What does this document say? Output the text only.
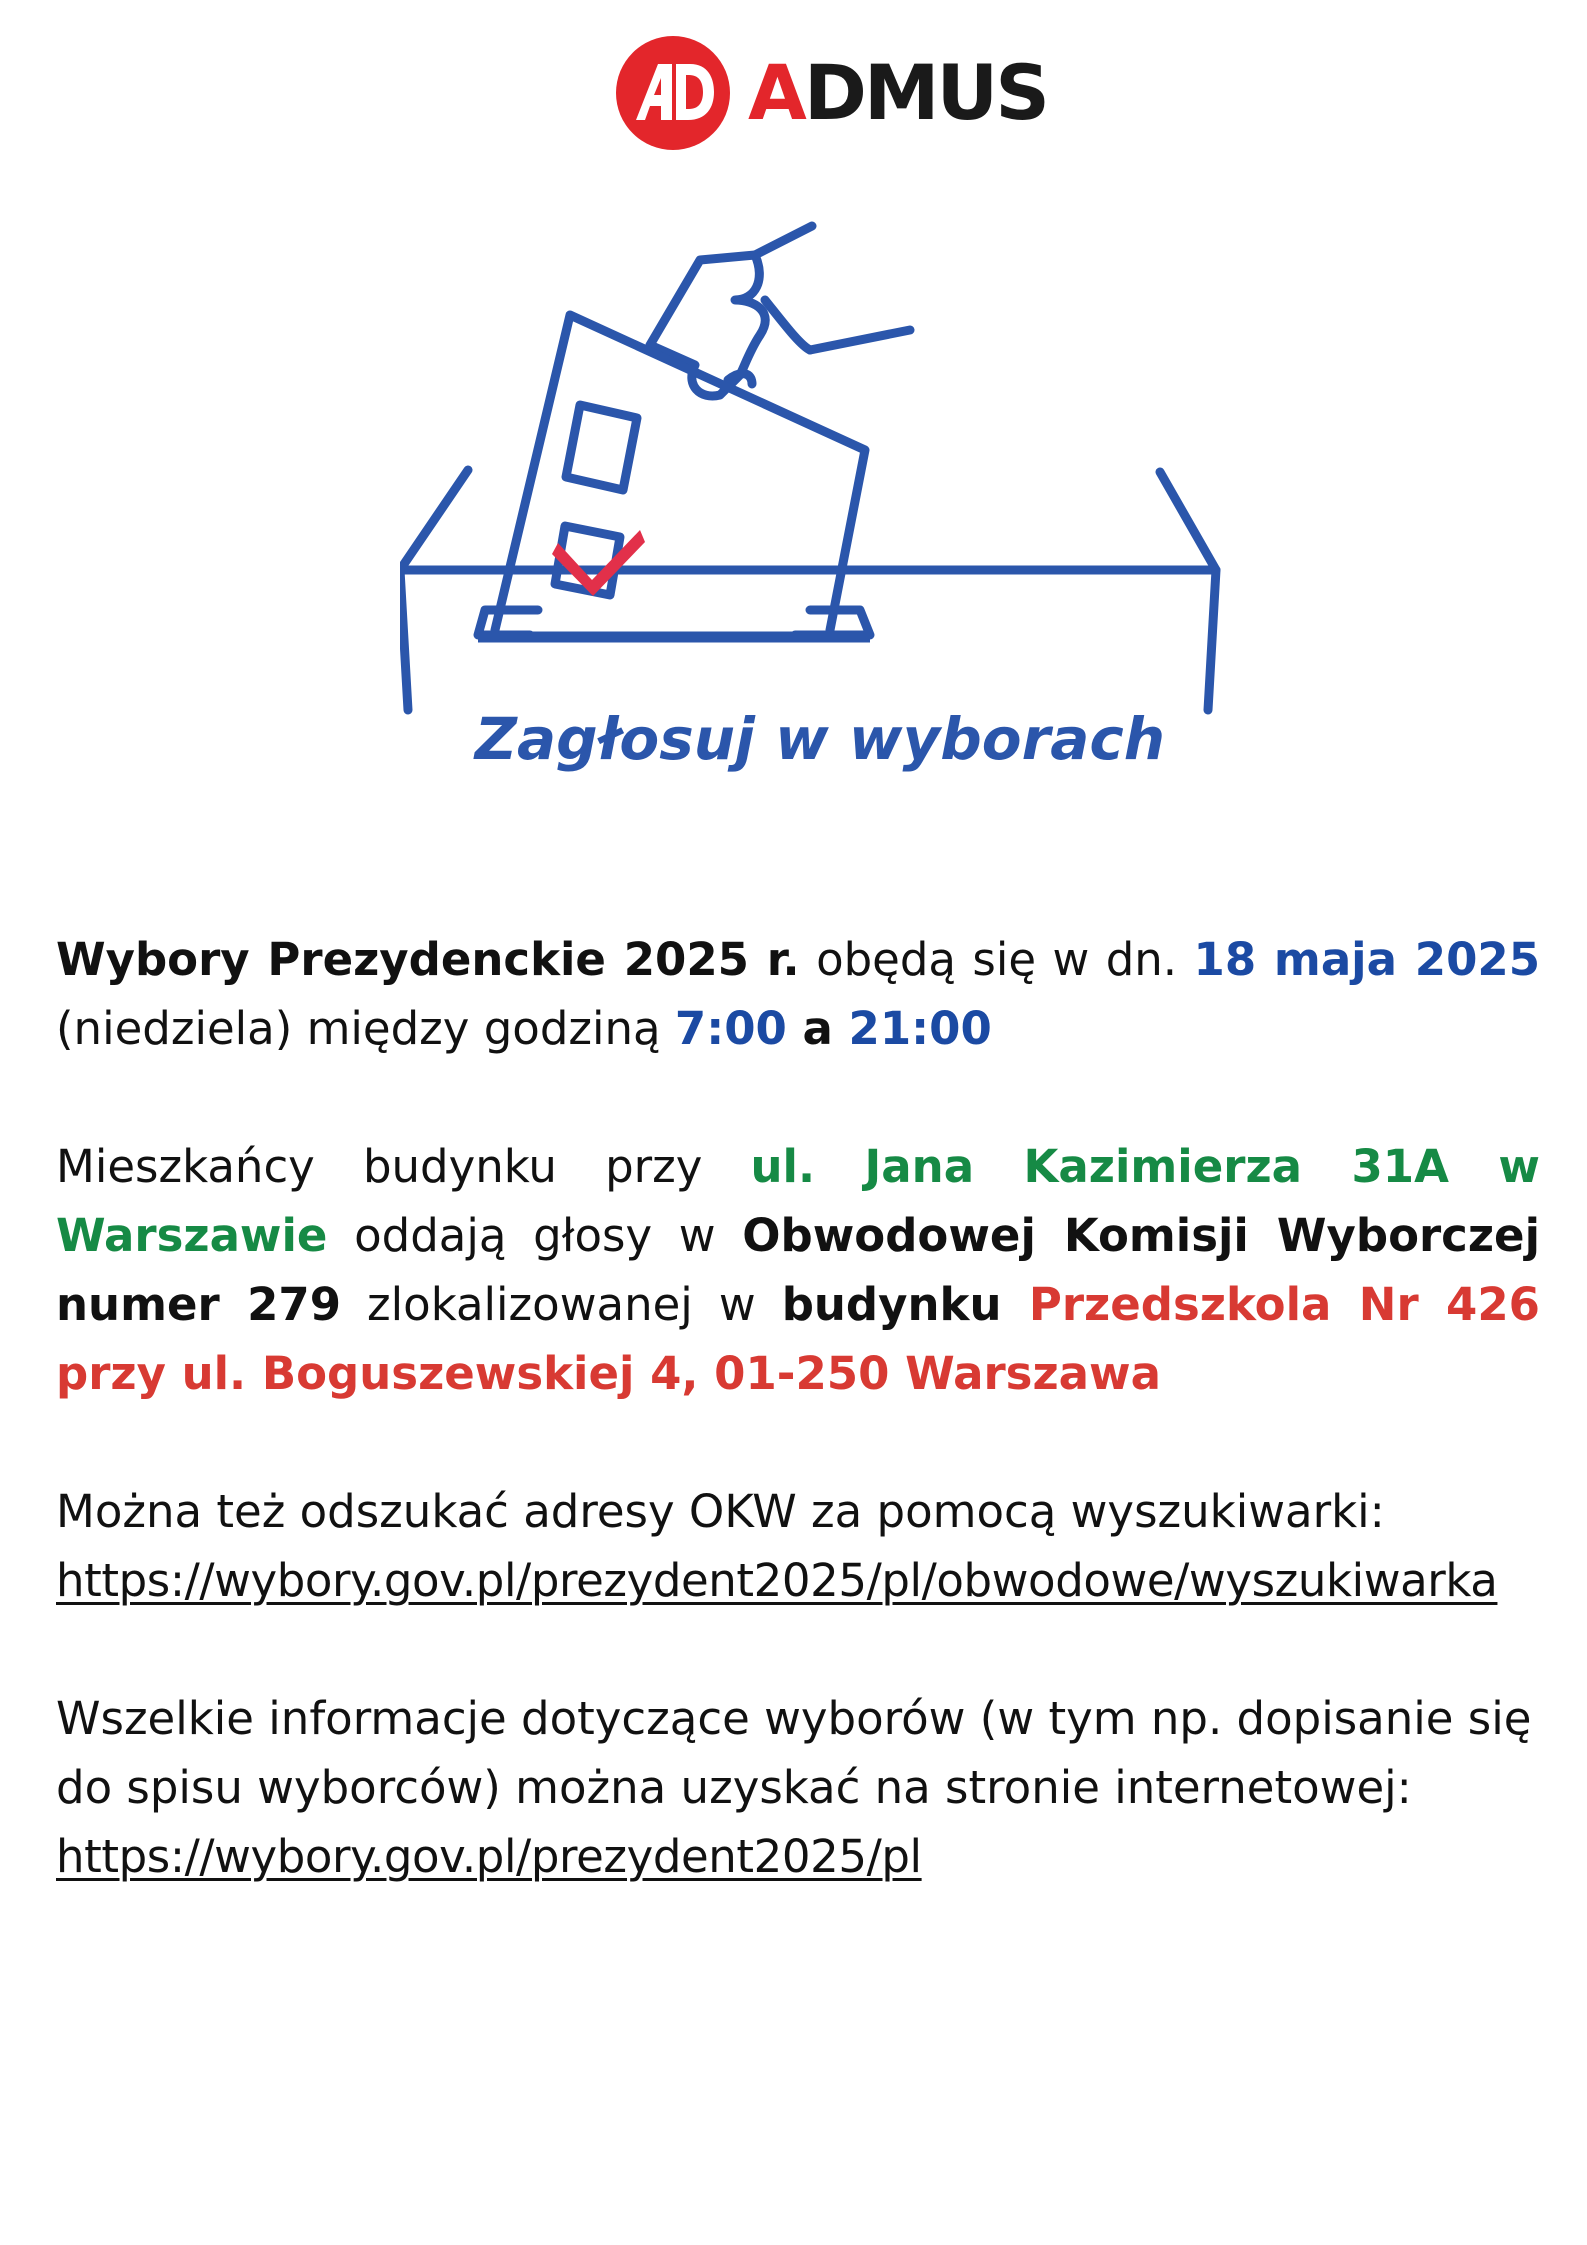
ADMUS
Zagłosuj w wyborach

Wybory Prezydenckie 2025 r. obędą się w dn. 18 maja 2025 (niedziela) między godziną 7:00 a 21:00

Mieszkańcy budynku przy ul. Jana Kazimierza 31A w Warszawie oddają głosy w Obwodowej Komisji Wyborczej numer 279 zlokalizowanej w budynku Przedszkola Nr 426 przy ul. Boguszewskiej 4, 01-250 Warszawa

Można też odszukać adresy OKW za pomocą wyszukiwarki:
https://wybory.gov.pl/prezydent2025/pl/obwodowe/wyszukiwarka

Wszelkie informacje dotyczące wyborów (w tym np. dopisanie się do spisu wyborców) można uzyskać na stronie internetowej:
https://wybory.gov.pl/prezydent2025/pl
